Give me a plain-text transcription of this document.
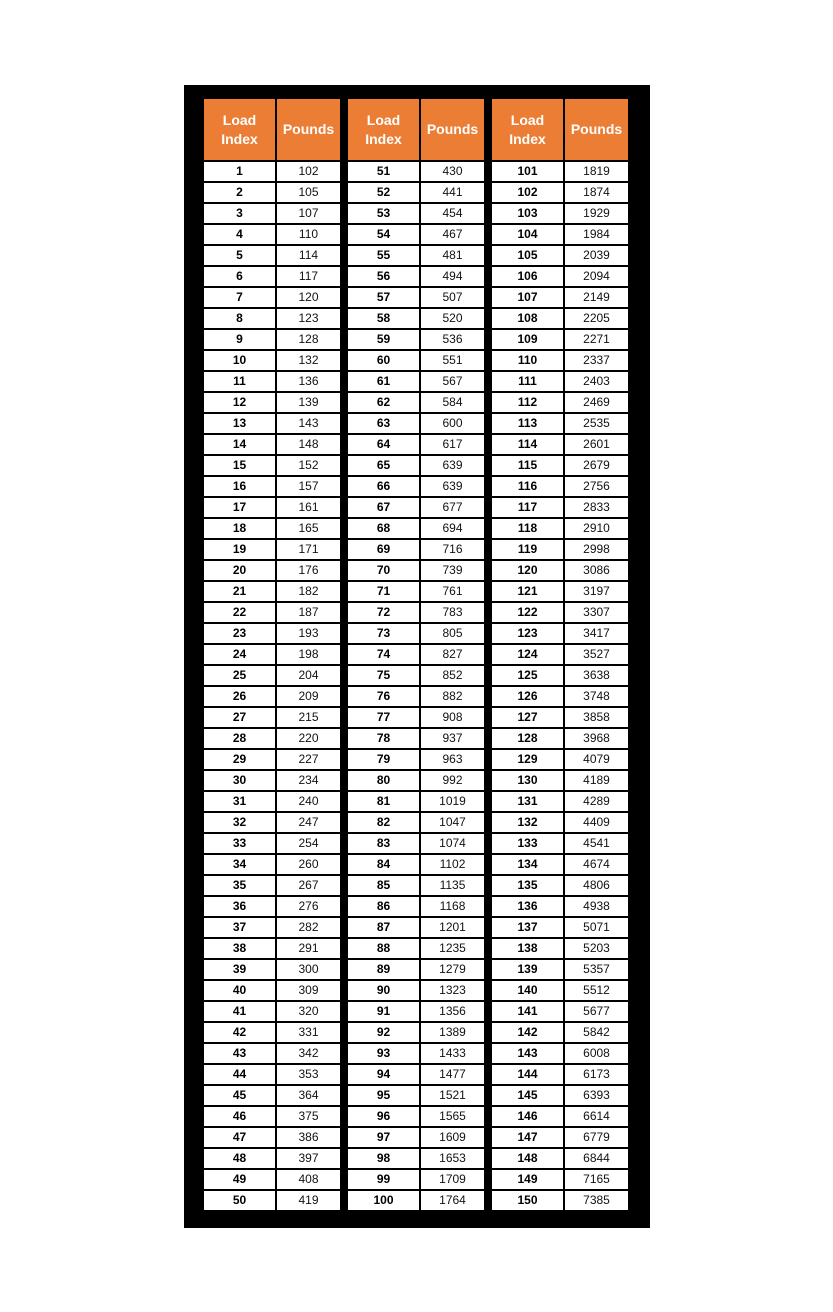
Load
Index	Pounds
1	102
2	105
3	107
4	110
5	114
6	117
7	120
8	123
9	128
10	132
11	136
12	139
13	143
14	148
15	152
16	157
17	161
18	165
19	171
20	176
21	182
22	187
23	193
24	198
25	204
26	209
27	215
28	220
29	227
30	234
31	240
32	247
33	254
34	260
35	267
36	276
37	282
38	291
39	300
40	309
41	320
42	331
43	342
44	353
45	364
46	375
47	386
48	397
49	408
50	419
Load
Index	Pounds
51	430
52	441
53	454
54	467
55	481
56	494
57	507
58	520
59	536
60	551
61	567
62	584
63	600
64	617
65	639
66	639
67	677
68	694
69	716
70	739
71	761
72	783
73	805
74	827
75	852
76	882
77	908
78	937
79	963
80	992
81	1019
82	1047
83	1074
84	1102
85	1135
86	1168
87	1201
88	1235
89	1279
90	1323
91	1356
92	1389
93	1433
94	1477
95	1521
96	1565
97	1609
98	1653
99	1709
100	1764
Load
Index	Pounds
101	1819
102	1874
103	1929
104	1984
105	2039
106	2094
107	2149
108	2205
109	2271
110	2337
111	2403
112	2469
113	2535
114	2601
115	2679
116	2756
117	2833
118	2910
119	2998
120	3086
121	3197
122	3307
123	3417
124	3527
125	3638
126	3748
127	3858
128	3968
129	4079
130	4189
131	4289
132	4409
133	4541
134	4674
135	4806
136	4938
137	5071
138	5203
139	5357
140	5512
141	5677
142	5842
143	6008
144	6173
145	6393
146	6614
147	6779
148	6844
149	7165
150	7385
